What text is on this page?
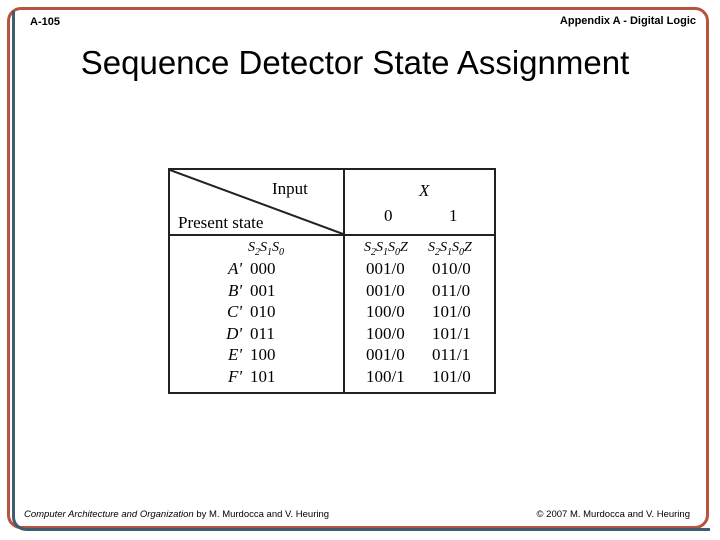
A-105	Appendix A - Digital Logic
Sequence Detector State Assignment
Input
Present state
X
0	1
$S_2S_1S_0$	$S_2S_1S_0Z$ $S_2S_1S_0Z$
A' 000	001/0 010/0
B' 001	001/0 011/0
C' 010	100/0 101/0
D' 011	100/0 101/1
E' 100	001/0 011/1
F' 101	100/1 101/0
Computer Architecture and Organization by M. Murdocca and V. Heuring	© 2007 M. Murdocca and V. Heuring
